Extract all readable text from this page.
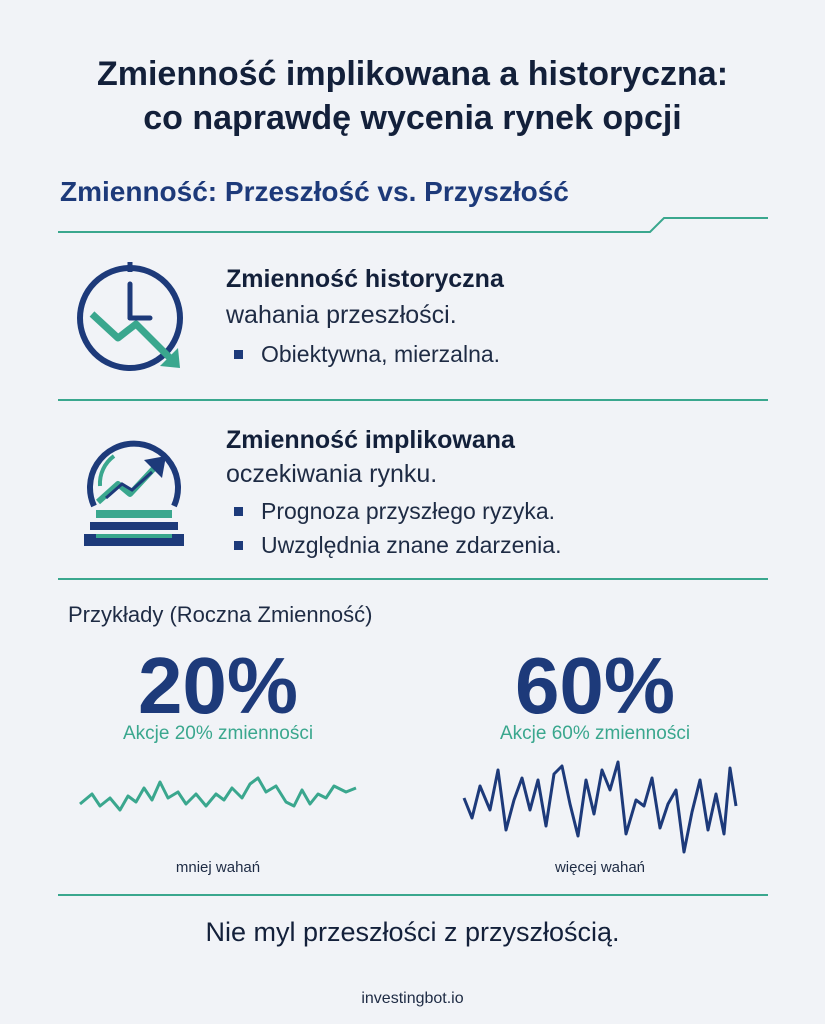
Zmienność implikowana a historyczna:
co naprawdę wycenia rynek opcji
Zmienność: Przeszłość vs. Przyszłość
Zmienność historyczna
wahania przeszłości.
Obiektywna, mierzalna.
Zmienność implikowana
oczekiwania rynku.
Prognoza przyszłego ryzyka.
Uwzględnia znane zdarzenia.
Przykłady (Roczna Zmienność)
20%
Akcje 20% zmienności
60%
Akcje 60% zmienności
mniej wahań	więcej wahań
Nie myl przeszłości z przyszłością.
investingbot.io
